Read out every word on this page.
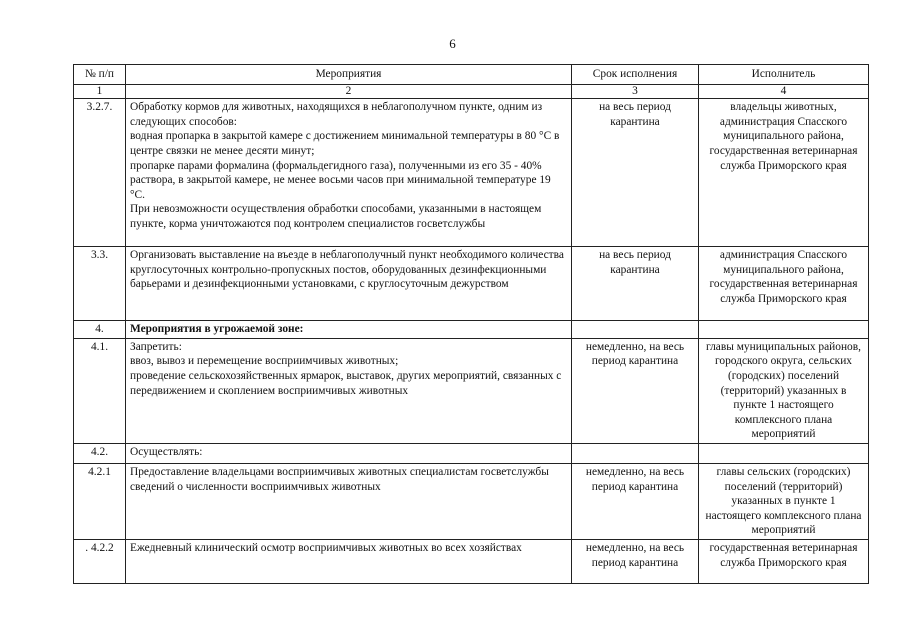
6
№ п/п	Мероприятия	Срок исполнения	Исполнитель
1	2	3	4
3.2.7.	Обработку кормов для животных, находящихся в неблагополучном пункте, одним из следующих способов:

водная пропарка в закрытой камере с достижением минимальной температуры в 80 °С в центре связки не менее десяти минут;

пропарке парами формалина (формальдегидного газа), полученными из его 35 - 40% раствора, в закрытой камере, не менее восьми часов при минимальной температуре 19 °С.

При невозможности осуществления обработки способами, указанными в настоящем пункте, корма уничтожаются под контролем специалистов госветслужбы	на весь период карантина	владельцы животных, администрация Спасского муниципального района, государственная ветеринарная служба Приморского края
3.3.	Организовать выставление на въезде в неблагополучный пункт необходимого количества круглосуточных контрольно-пропускных постов, оборудованных дезинфекционными барьерами и дезинфекционными установками, с круглосуточным дежурством	на весь период карантина	администрация Спасского муниципального района, государственная ветеринарная служба Приморского края
4.	Мероприятия в угрожаемой зоне:		

4.1.	Запретить:

ввоз, вывоз и перемещение восприимчивых животных;

проведение сельскохозяйственных ярмарок, выставок, других мероприятий, связанных с передвижением и скоплением восприимчивых животных	немедленно, на весь период карантина	главы муниципальных районов, городского округа, сельских (городских) поселений (территорий) указанных в пункте 1 настоящего комплексного плана мероприятий
4.2.	Осуществлять:		

4.2.1	Предоставление владельцами восприимчивых животных специалистам госветслужбы сведений о численности восприимчивых животных	немедленно, на весь период карантина	главы сельских (городских) поселений (территорий) указанных в пункте 1 настоящего комплексного плана мероприятий
. 4.2.2	Ежедневный клинический осмотр восприимчивых животных во всех хозяйствах	немедленно, на весь период карантина	государственная ветеринарная служба Приморского края
